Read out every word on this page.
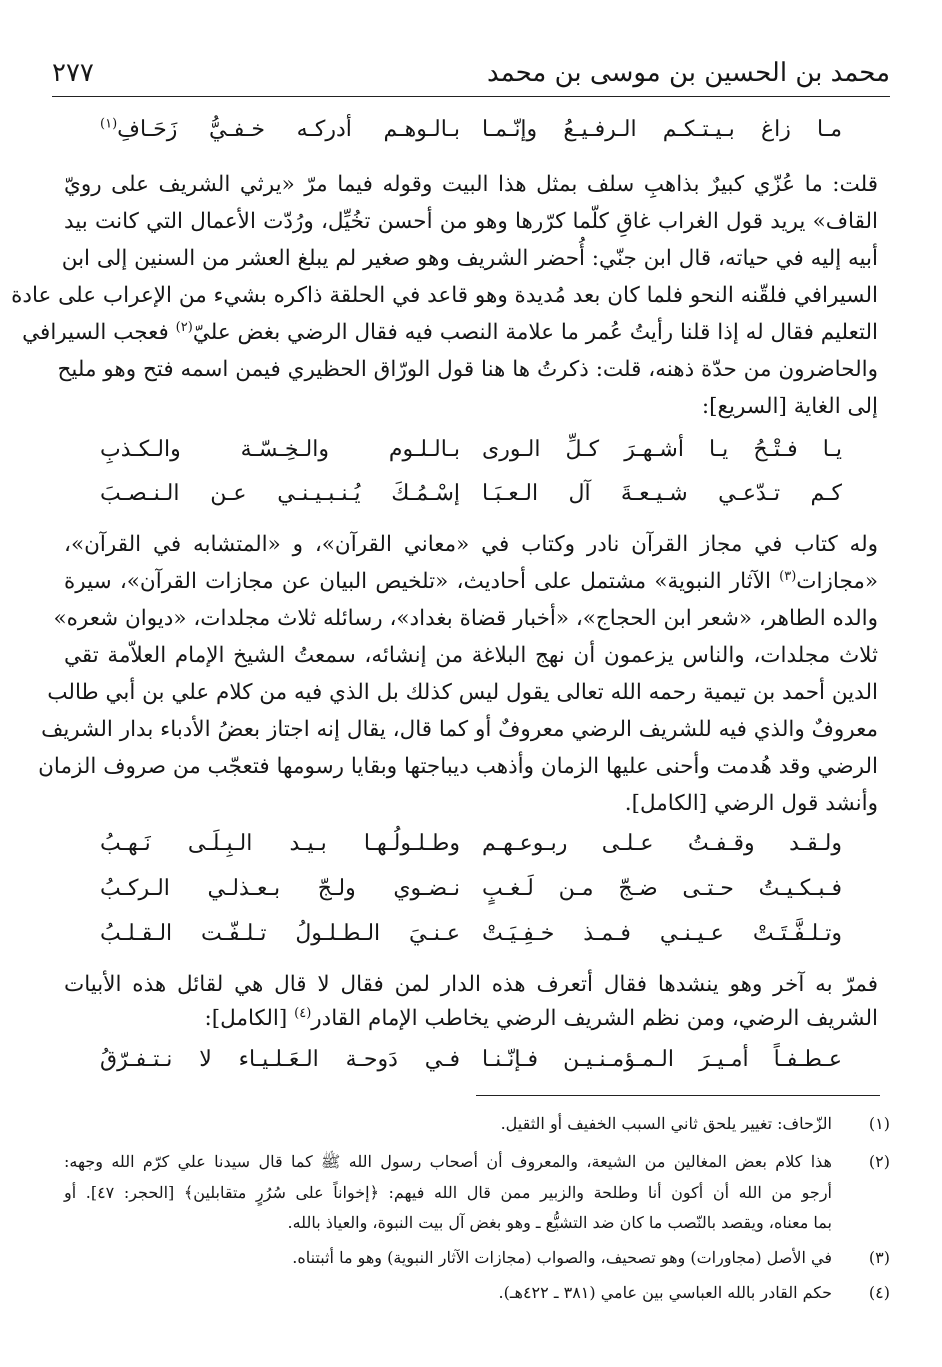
محمد بن الحسين بن موسى بن محمد
٢٧٧
مـا زاغ بـيـتـكـم الـرفـيـعُ وإنّـمـا
بـالـوهـم أدركـه خـفـيُّ زَحَـافِ$^{(١)}$
قلت: ما عُزّي كبيرٌ بذاهبِ سلف بمثل هذا البيت وقوله فيما مرّ «يرثي الشريف على رويّ
القاف» يريد قول الغراب غاقِ كلّما كرّرها وهو من أحسن تخُيِّل، ورُدّت الأعمال التي كانت بيد
أبيه إليه في حياته، قال ابن جنّي: أُحضر الشريف وهو صغير لم يبلغ العشر من السنين إلى ابن
السيرافي فلقّنه النحو فلما كان بعد مُديدة وهو قاعد في الحلقة ذاكره بشيء من الإعراب على عادة
التعليم فقال له إذا قلنا رأيتُ عُمر ما علامة النصب فيه فقال الرضي بغض عليّ$^{(٢)}$ فعجب السيرافي
والحاضرون من حدّة ذهنه، قلت: ذكرتُ ها هنا قول الورّاق الحظيري فيمن اسمه فتح وهو مليح
إلى الغاية [السريع]:
يـا فـتْـحُ يـا أشـهـرَ كـلِّ الـورى
بـالـلـوم والـخِـسّـة والـكـذبِ
كـم تـدّعـي شـيـعـةَ آل الـعـبَـا
إسْـمُـكَ يُـنـبـيـنـي عـن الـنـصـبَ
وله كتاب في مجاز القرآن نادر وكتاب في «معاني القرآن»، و «المتشابه في القرآن»،
«مجازات$^{(٣)}$ الآثار النبوية» مشتمل على أحاديث، «تلخيص البيان عن مجازات القرآن»، سيرة
والده الطاهر، «شعر ابن الحجاج»، «أخبار قضاة بغداد»، رسائله ثلاث مجلدات، «ديوان شعره»
ثلاث مجلدات، والناس يزعمون أن نهج البلاغة من إنشائه، سمعتُ الشيخ الإمام العلاّمة تقي
الدين أحمد بن تيمية رحمه الله تعالى يقول ليس كذلك بل الذي فيه من كلام علي بن أبي طالب
معروفٌ والذي فيه للشريف الرضي معروفٌ أو كما قال، يقال إنه اجتاز بعضُ الأدباء بدار الشريف
الرضي وقد هُدمت وأحنى عليها الزمان وأذهب ديباجتها وبقايا رسومها فتعجّب من صروف الزمان
وأنشد قول الرضي [الكامل].
ولـقـد وقـفـتُ عـلـى ربـوعـهـم
وطـلـولُـهـا بـيـد الـبِـلَـى نَـهـبُ
فـبـكـيـتُ حـتـى ضـجّ مـن لَـغـبٍ
نـضـوي ولـجّ بـعـذلـي الـركـبُ
وتـلـفَّـتَـتْ عـيـنـي فـمـذ خـفِـيَـتْ
عـنـيَ الـطـلـولُ تـلـفّـت الـقـلـبُ
فمرّ به آخر وهو ينشدها فقال أتعرف هذه الدار لمن فقال لا قال هي لقائل هذه الأبيات
الشريف الرضي، ومن نظم الشريف الرضي يخاطب الإمام القادر$^{(٤)}$ [الكامل]:
عـطـفـاً أمـيـرَ الـمـؤمـنـيـن فـإنّـنـا
فـي دَوحـة الـعَـلـيـاء لا نـتـفـرّقُ
(١)
الزّحاف: تغيير يلحق ثاني السبب الخفيف أو الثقيل.
(٢)
هذا كلام بعض المغالين من الشيعة، والمعروف أن أصحاب رسول الله ﷺ كما قال سيدنا علي كرّم الله وجهه:
أرجو من الله أن أكون أنا وطلحة والزبير ممن قال الله فيهم: ﴿إخواناً على سُرُرٍ متقابلين﴾ [الحجر: ٤٧]. أو
بما معناه، ويقصد بالنّصب ما كان ضد التشيُّع ـ وهو بغض آل بيت النبوة، والعياذ بالله.
(٣)
في الأصل (مجاورات) وهو تصحيف، والصواب (مجازات الآثار النبوية) وهو ما أثبتناه.
(٤)
حكم القادر بالله العباسي بين عامي (٣٨١ ـ ٤٢٢هـ).
